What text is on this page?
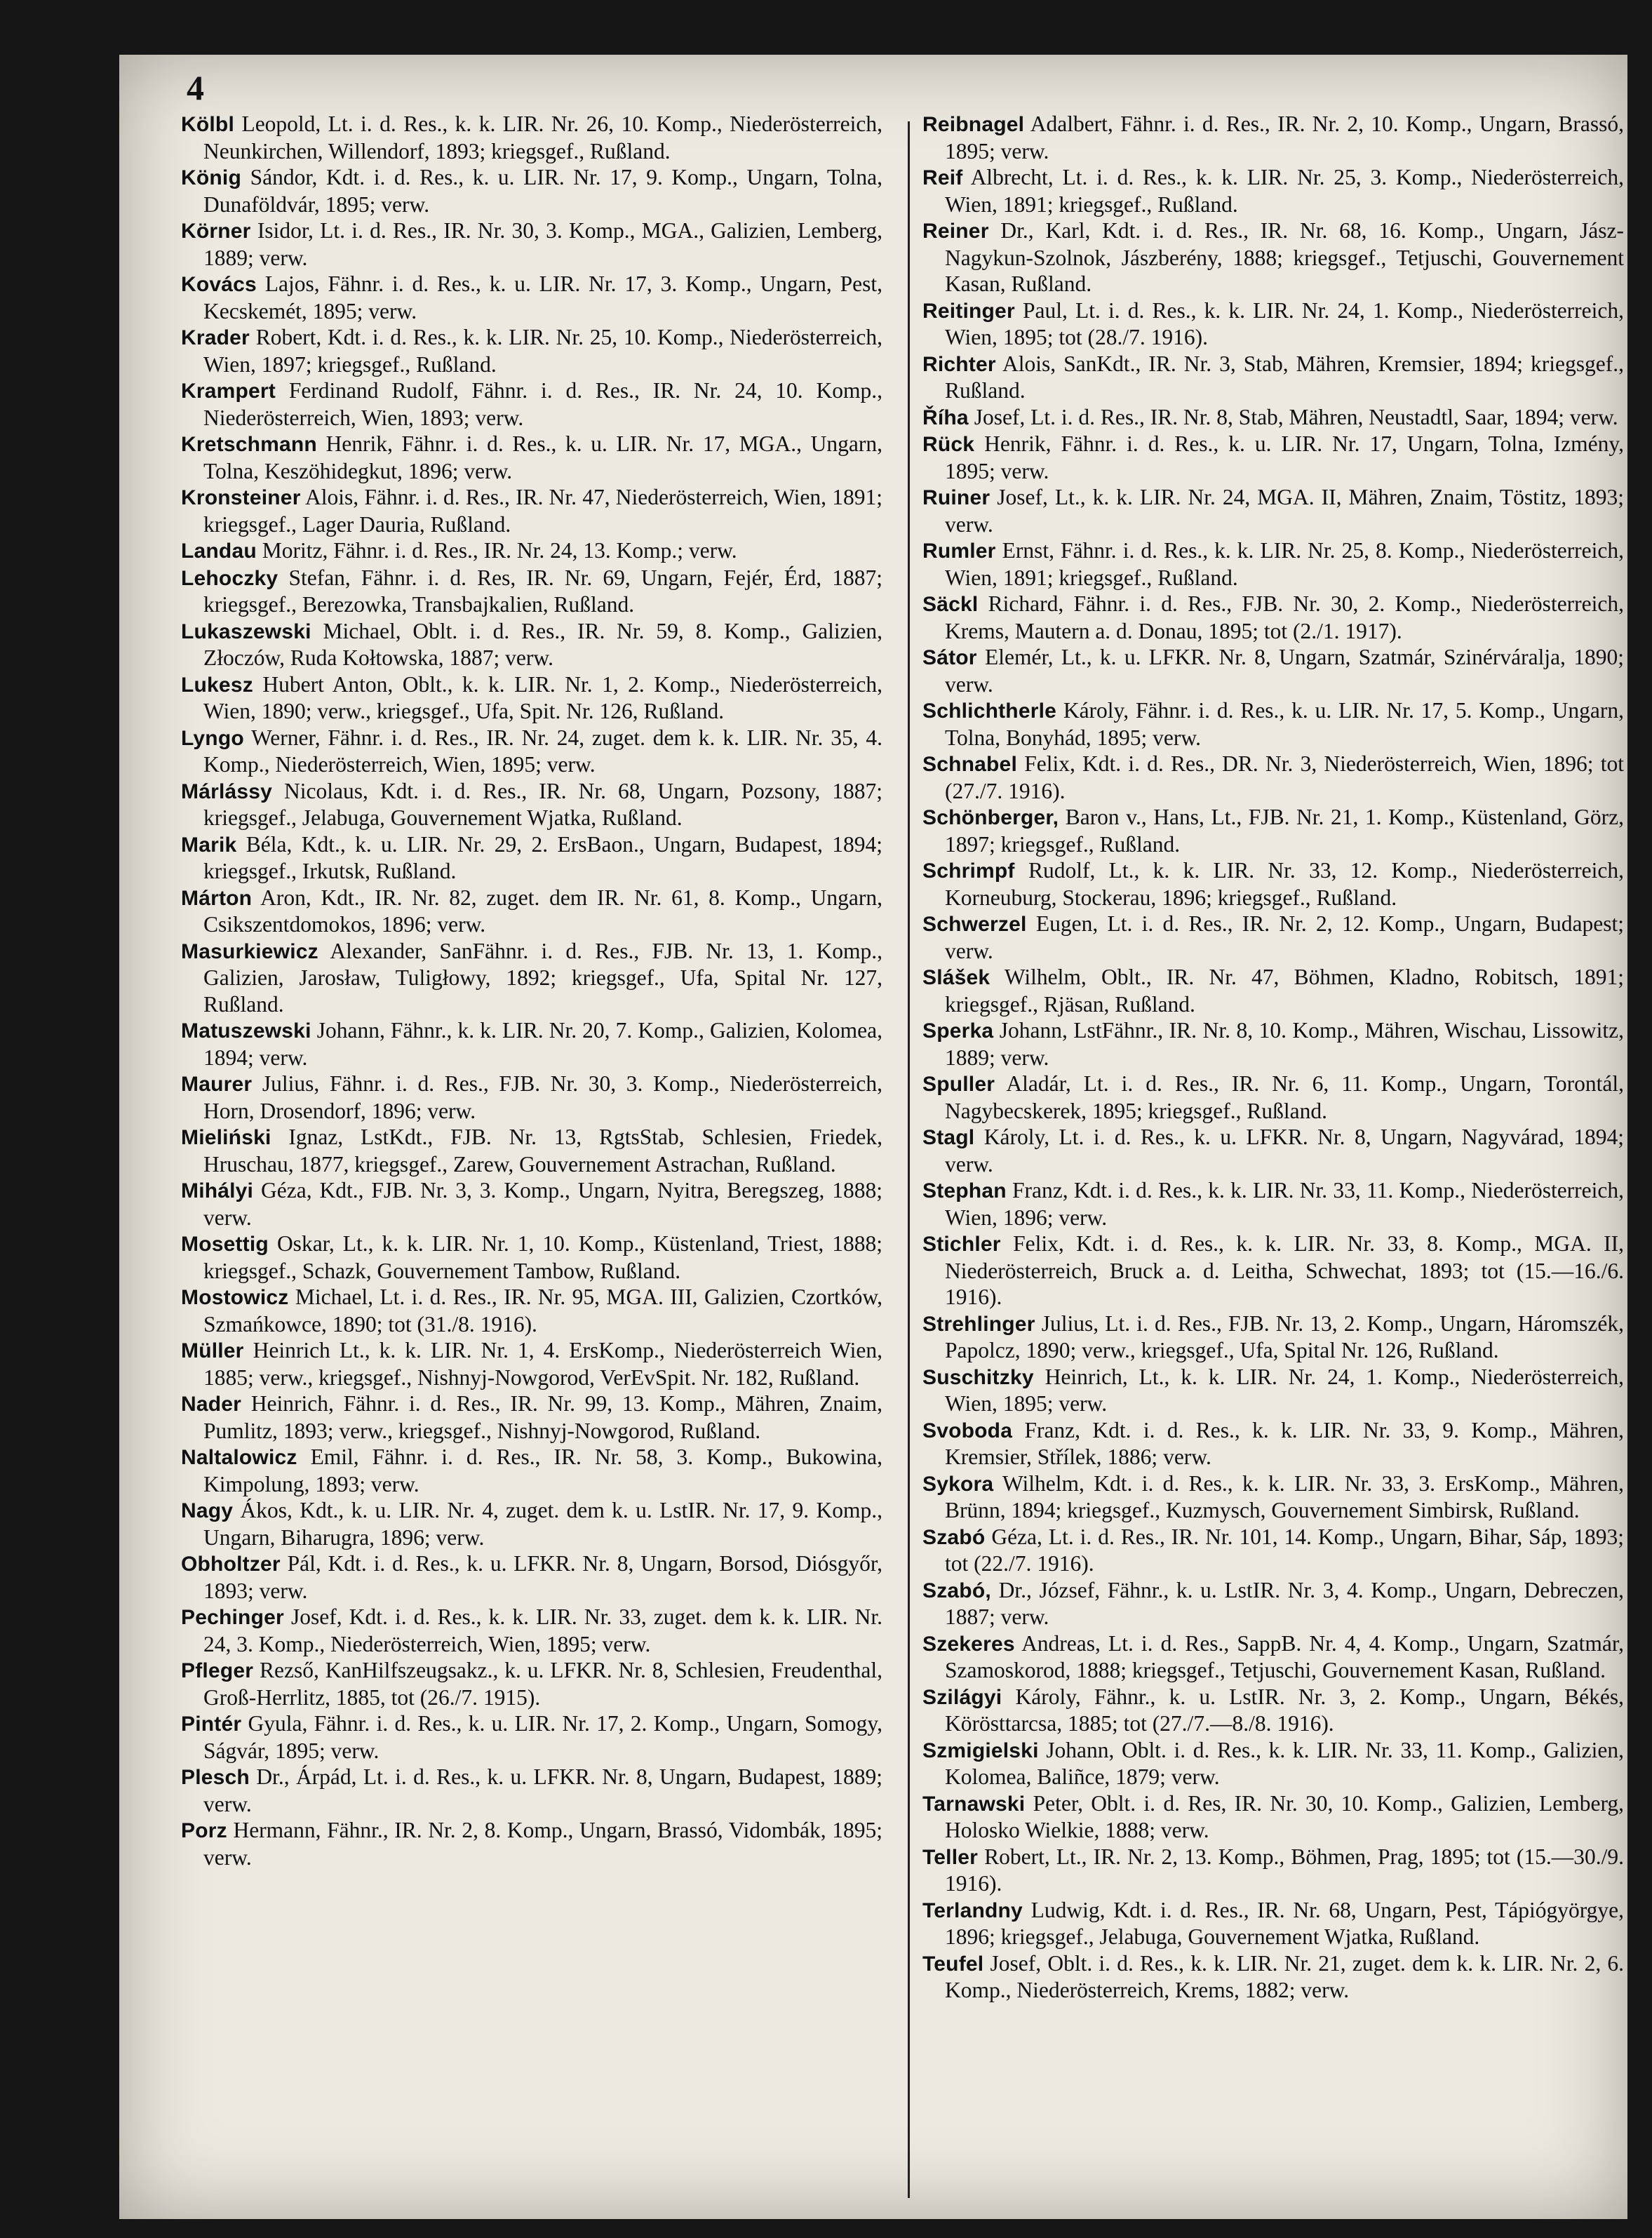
4

Kölbl Leopold, Lt. i. d. Res., k. k. LIR. Nr. 26, 10. Komp., Niederösterreich, Neunkirchen, Willendorf, 1893; kriegsgef., Rußland.

König Sándor, Kdt. i. d. Res., k. u. LIR. Nr. 17, 9. Komp., Ungarn, Tolna, Dunaföldvár, 1895; verw.

Körner Isidor, Lt. i. d. Res., IR. Nr. 30, 3. Komp., MGA., Galizien, Lemberg, 1889; verw.

Kovács Lajos, Fähnr. i. d. Res., k. u. LIR. Nr. 17, 3. Komp., Ungarn, Pest, Kecskemét, 1895; verw.

Krader Robert, Kdt. i. d. Res., k. k. LIR. Nr. 25, 10. Komp., Niederösterreich, Wien, 1897; kriegsgef., Rußland.

Krampert Ferdinand Rudolf, Fähnr. i. d. Res., IR. Nr. 24, 10. Komp., Niederösterreich, Wien, 1893; verw.

Kretschmann Henrik, Fähnr. i. d. Res., k. u. LIR. Nr. 17, MGA., Ungarn, Tolna, Keszöhidegkut, 1896; verw.

Kronsteiner Alois, Fähnr. i. d. Res., IR. Nr. 47, Niederösterreich, Wien, 1891; kriegsgef., Lager Dauria, Rußland.

Landau Moritz, Fähnr. i. d. Res., IR. Nr. 24, 13. Komp.; verw.

Lehoczky Stefan, Fähnr. i. d. Res, IR. Nr. 69, Ungarn, Fejér, Érd, 1887; kriegsgef., Berezowka, Transbajkalien, Rußland.

Lukaszewski Michael, Oblt. i. d. Res., IR. Nr. 59, 8. Komp., Galizien, Złoczów, Ruda Kołtowska, 1887; verw.

Lukesz Hubert Anton, Oblt., k. k. LIR. Nr. 1, 2. Komp., Niederösterreich, Wien, 1890; verw., kriegsgef., Ufa, Spit. Nr. 126, Rußland.

Lyngo Werner, Fähnr. i. d. Res., IR. Nr. 24, zuget. dem k. k. LIR. Nr. 35, 4. Komp., Niederösterreich, Wien, 1895; verw.

Márlássy Nicolaus, Kdt. i. d. Res., IR. Nr. 68, Ungarn, Pozsony, 1887; kriegsgef., Jelabuga, Gouvernement Wjatka, Rußland.

Marik Béla, Kdt., k. u. LIR. Nr. 29, 2. ErsBaon., Ungarn, Budapest, 1894; kriegsgef., Irkutsk, Rußland.

Márton Aron, Kdt., IR. Nr. 82, zuget. dem IR. Nr. 61, 8. Komp., Ungarn, Csikszentdomokos, 1896; verw.

Masurkiewicz Alexander, SanFähnr. i. d. Res., FJB. Nr. 13, 1. Komp., Galizien, Jarosław, Tuligłowy, 1892; kriegsgef., Ufa, Spital Nr. 127, Rußland.

Matuszewski Johann, Fähnr., k. k. LIR. Nr. 20, 7. Komp., Galizien, Kolomea, 1894; verw.

Maurer Julius, Fähnr. i. d. Res., FJB. Nr. 30, 3. Komp., Niederösterreich, Horn, Drosendorf, 1896; verw.

Mieliński Ignaz, LstKdt., FJB. Nr. 13, RgtsStab, Schlesien, Friedek, Hruschau, 1877, kriegsgef., Zarew, Gouvernement Astrachan, Rußland.

Mihályi Géza, Kdt., FJB. Nr. 3, 3. Komp., Ungarn, Nyitra, Beregszeg, 1888; verw.

Mosettig Oskar, Lt., k. k. LIR. Nr. 1, 10. Komp., Küstenland, Triest, 1888; kriegsgef., Schazk, Gouvernement Tambow, Rußland.

Mostowicz Michael, Lt. i. d. Res., IR. Nr. 95, MGA. III, Galizien, Czortków, Szmańkowce, 1890; tot (31./8. 1916).

Müller Heinrich Lt., k. k. LIR. Nr. 1, 4. ErsKomp., Niederösterreich Wien, 1885; verw., kriegsgef., Nishnyj-Nowgorod, VerEvSpit. Nr. 182, Rußland.

Nader Heinrich, Fähnr. i. d. Res., IR. Nr. 99, 13. Komp., Mähren, Znaim, Pumlitz, 1893; verw., kriegsgef., Nishnyj-Nowgorod, Rußland.

Naltalowicz Emil, Fähnr. i. d. Res., IR. Nr. 58, 3. Komp., Bukowina, Kimpolung, 1893; verw.

Nagy Ákos, Kdt., k. u. LIR. Nr. 4, zuget. dem k. u. LstIR. Nr. 17, 9. Komp., Ungarn, Biharugra, 1896; verw.

Obholtzer Pál, Kdt. i. d. Res., k. u. LFKR. Nr. 8, Ungarn, Borsod, Diósgyőr, 1893; verw.

Pechinger Josef, Kdt. i. d. Res., k. k. LIR. Nr. 33, zuget. dem k. k. LIR. Nr. 24, 3. Komp., Niederösterreich, Wien, 1895; verw.

Pfleger Rezső, KanHilfszeugsakz., k. u. LFKR. Nr. 8, Schlesien, Freudenthal, Groß-Herrlitz, 1885, tot (26./7. 1915).

Pintér Gyula, Fähnr. i. d. Res., k. u. LIR. Nr. 17, 2. Komp., Ungarn, Somogy, Ságvár, 1895; verw.

Plesch Dr., Árpád, Lt. i. d. Res., k. u. LFKR. Nr. 8, Ungarn, Budapest, 1889; verw.

Porz Hermann, Fähnr., IR. Nr. 2, 8. Komp., Ungarn, Brassó, Vidombák, 1895; verw.

Reibnagel Adalbert, Fähnr. i. d. Res., IR. Nr. 2, 10. Komp., Ungarn, Brassó, 1895; verw.

Reif Albrecht, Lt. i. d. Res., k. k. LIR. Nr. 25, 3. Komp., Niederösterreich, Wien, 1891; kriegsgef., Rußland.

Reiner Dr., Karl, Kdt. i. d. Res., IR. Nr. 68, 16. Komp., Ungarn, Jász-Nagykun-Szolnok, Jászberény, 1888; kriegsgef., Tetjuschi, Gouvernement Kasan, Rußland.

Reitinger Paul, Lt. i. d. Res., k. k. LIR. Nr. 24, 1. Komp., Niederösterreich, Wien, 1895; tot (28./7. 1916).

Richter Alois, SanKdt., IR. Nr. 3, Stab, Mähren, Kremsier, 1894; kriegsgef., Rußland.

Říha Josef, Lt. i. d. Res., IR. Nr. 8, Stab, Mähren, Neustadtl, Saar, 1894; verw.

Rück Henrik, Fähnr. i. d. Res., k. u. LIR. Nr. 17, Ungarn, Tolna, Izmény, 1895; verw.

Ruiner Josef, Lt., k. k. LIR. Nr. 24, MGA. II, Mähren, Znaim, Töstitz, 1893; verw.

Rumler Ernst, Fähnr. i. d. Res., k. k. LIR. Nr. 25, 8. Komp., Niederösterreich, Wien, 1891; kriegsgef., Rußland.

Säckl Richard, Fähnr. i. d. Res., FJB. Nr. 30, 2. Komp., Niederösterreich, Krems, Mautern a. d. Donau, 1895; tot (2./1. 1917).

Sátor Elemér, Lt., k. u. LFKR. Nr. 8, Ungarn, Szatmár, Szinérváralja, 1890; verw.

Schlichtherle Károly, Fähnr. i. d. Res., k. u. LIR. Nr. 17, 5. Komp., Ungarn, Tolna, Bonyhád, 1895; verw.

Schnabel Felix, Kdt. i. d. Res., DR. Nr. 3, Niederösterreich, Wien, 1896; tot (27./7. 1916).

Schönberger, Baron v., Hans, Lt., FJB. Nr. 21, 1. Komp., Küstenland, Görz, 1897; kriegsgef., Rußland.

Schrimpf Rudolf, Lt., k. k. LIR. Nr. 33, 12. Komp., Niederösterreich, Korneuburg, Stockerau, 1896; kriegsgef., Rußland.

Schwerzel Eugen, Lt. i. d. Res., IR. Nr. 2, 12. Komp., Ungarn, Budapest; verw.

Slášek Wilhelm, Oblt., IR. Nr. 47, Böhmen, Kladno, Robitsch, 1891; kriegsgef., Rjäsan, Rußland.

Sperka Johann, LstFähnr., IR. Nr. 8, 10. Komp., Mähren, Wischau, Lissowitz, 1889; verw.

Spuller Aladár, Lt. i. d. Res., IR. Nr. 6, 11. Komp., Ungarn, Torontál, Nagybecskerek, 1895; kriegsgef., Rußland.

Stagl Károly, Lt. i. d. Res., k. u. LFKR. Nr. 8, Ungarn, Nagyvárad, 1894; verw.

Stephan Franz, Kdt. i. d. Res., k. k. LIR. Nr. 33, 11. Komp., Niederösterreich, Wien, 1896; verw.

Stichler Felix, Kdt. i. d. Res., k. k. LIR. Nr. 33, 8. Komp., MGA. II, Niederösterreich, Bruck a. d. Leitha, Schwechat, 1893; tot (15.—16./6. 1916).

Strehlinger Julius, Lt. i. d. Res., FJB. Nr. 13, 2. Komp., Ungarn, Háromszék, Papolcz, 1890; verw., kriegsgef., Ufa, Spital Nr. 126, Rußland.

Suschitzky Heinrich, Lt., k. k. LIR. Nr. 24, 1. Komp., Niederösterreich, Wien, 1895; verw.

Svoboda Franz, Kdt. i. d. Res., k. k. LIR. Nr. 33, 9. Komp., Mähren, Kremsier, Střílek, 1886; verw.

Sykora Wilhelm, Kdt. i. d. Res., k. k. LIR. Nr. 33, 3. ErsKomp., Mähren, Brünn, 1894; kriegsgef., Kuzmysch, Gouvernement Simbirsk, Rußland.

Szabó Géza, Lt. i. d. Res., IR. Nr. 101, 14. Komp., Ungarn, Bihar, Sáp, 1893; tot (22./7. 1916).

Szabó, Dr., József, Fähnr., k. u. LstIR. Nr. 3, 4. Komp., Ungarn, Debreczen, 1887; verw.

Szekeres Andreas, Lt. i. d. Res., SappB. Nr. 4, 4. Komp., Ungarn, Szatmár, Szamoskorod, 1888; kriegsgef., Tetjuschi, Gouvernement Kasan, Rußland.

Szilágyi Károly, Fähnr., k. u. LstIR. Nr. 3, 2. Komp., Ungarn, Békés, Körösttarcsa, 1885; tot (27./7.—8./8. 1916).

Szmigielski Johann, Oblt. i. d. Res., k. k. LIR. Nr. 33, 11. Komp., Galizien, Kolomea, Baliñce, 1879; verw.

Tarnawski Peter, Oblt. i. d. Res, IR. Nr. 30, 10. Komp., Galizien, Lemberg, Holosko Wielkie, 1888; verw.

Teller Robert, Lt., IR. Nr. 2, 13. Komp., Böhmen, Prag, 1895; tot (15.—30./9. 1916).

Terlandny Ludwig, Kdt. i. d. Res., IR. Nr. 68, Ungarn, Pest, Tápiógyörgye, 1896; kriegsgef., Jelabuga, Gouvernement Wjatka, Rußland.

Teufel Josef, Oblt. i. d. Res., k. k. LIR. Nr. 21, zuget. dem k. k. LIR. Nr. 2, 6. Komp., Niederösterreich, Krems, 1882; verw.
